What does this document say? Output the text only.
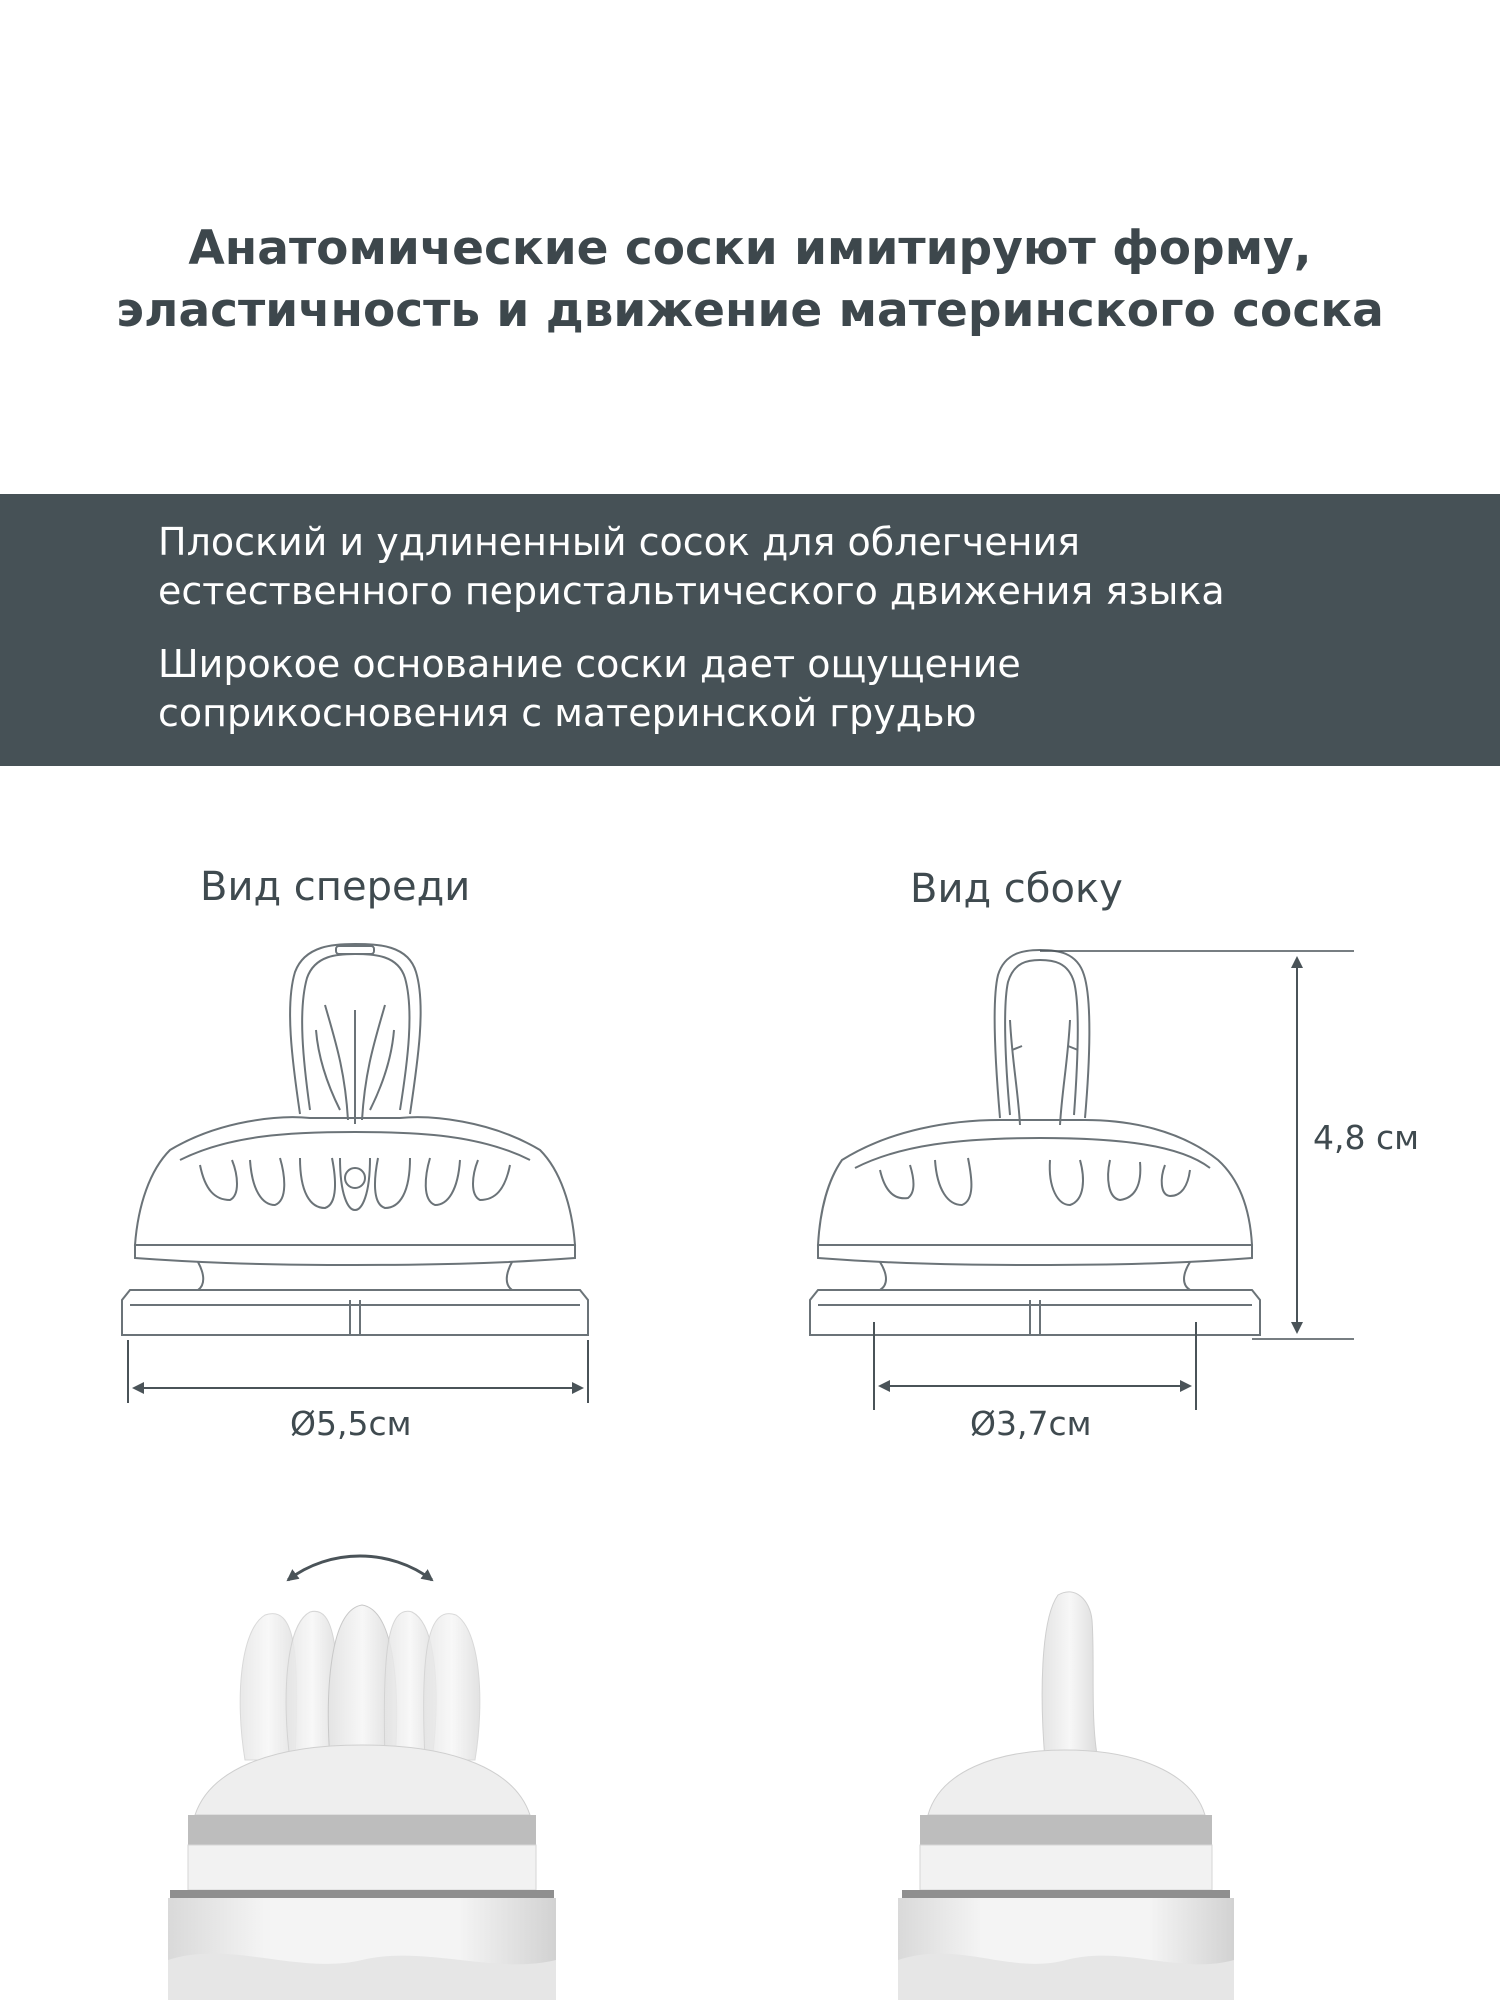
Анатомические соски имитируют форму,
эластичность и движение материнского соска
Плоский и удлиненный сосок для облегчения
естественного перистальтического движения языка
Широкое основание соски дает ощущение
соприкосновения с материнской грудью
Вид спереди	Вид сбоку
Ø5,5см	Ø3,7см
4,8 см
